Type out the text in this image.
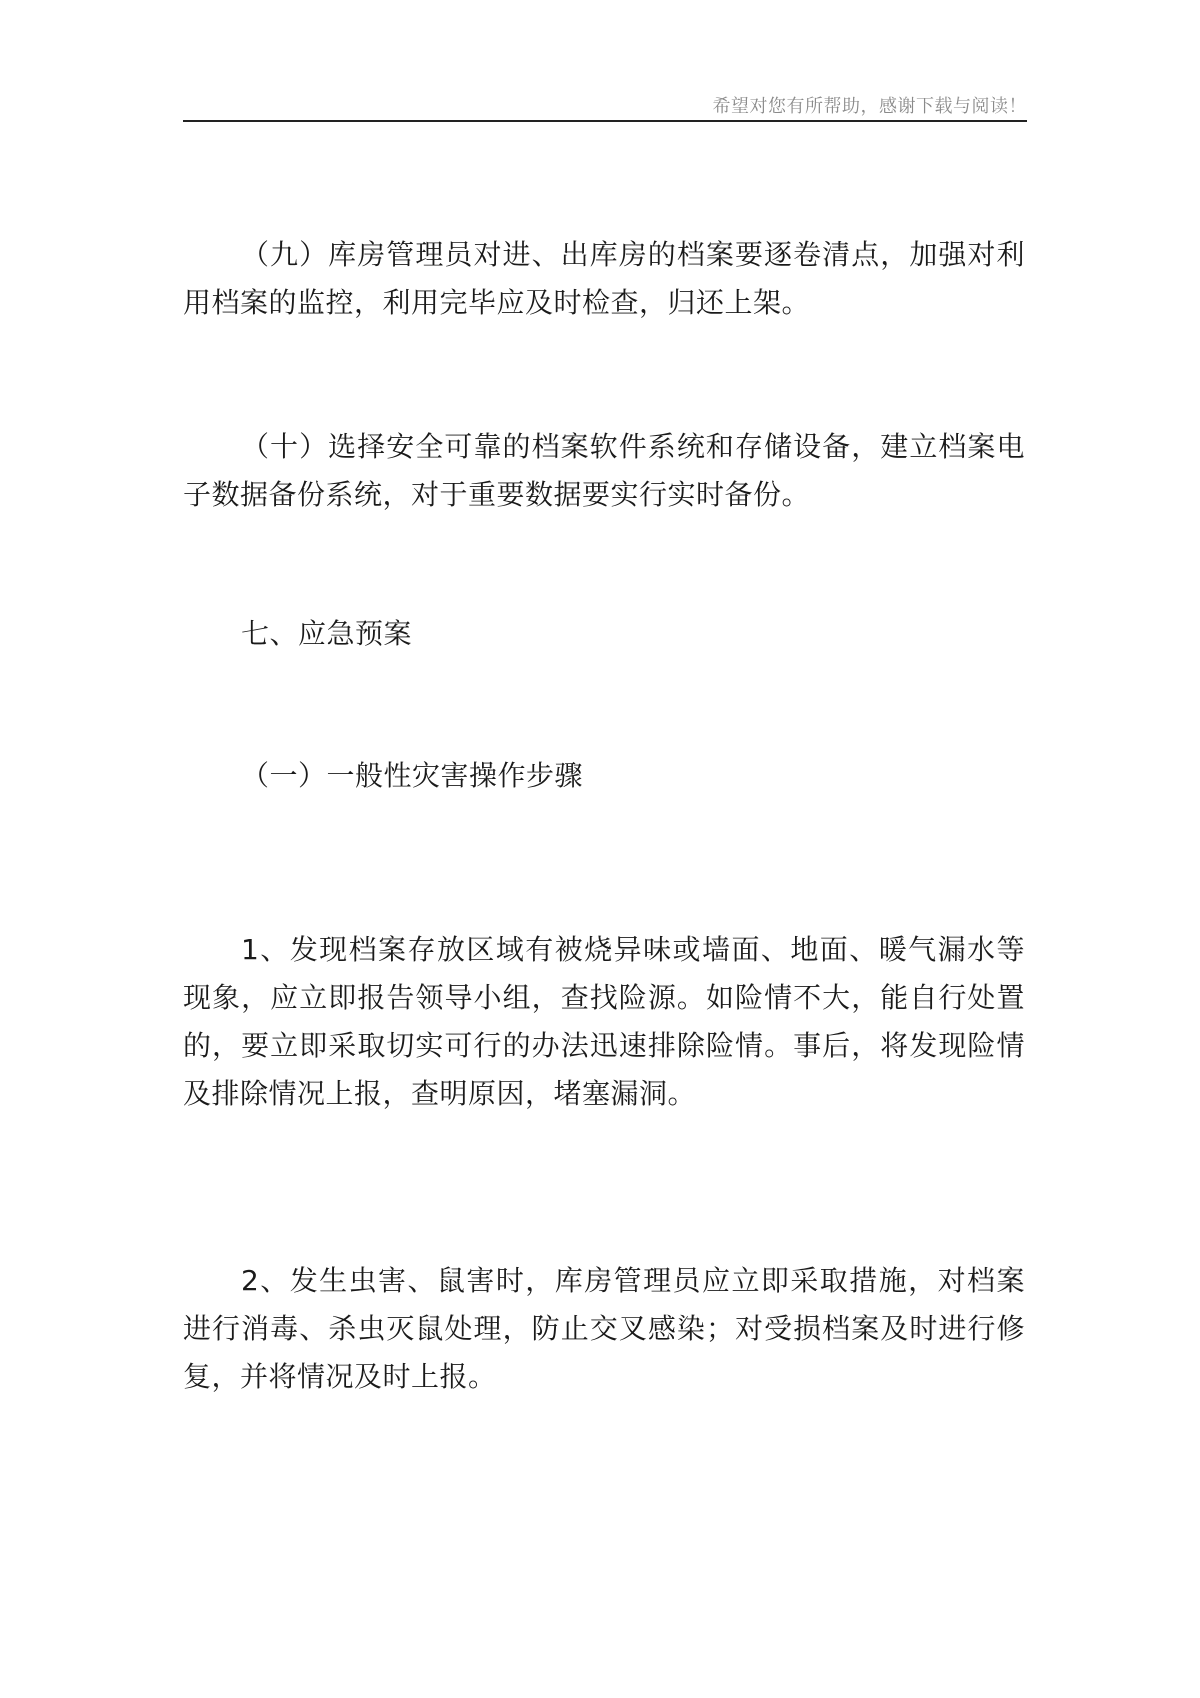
希望对您有所帮助，感谢下载与阅读！

（九）库房管理员对进、出库房的档案要逐卷清点，加强对利用档案的监控，利用完毕应及时检查，归还上架。

（十）选择安全可靠的档案软件系统和存储设备，建立档案电子数据备份系统，对于重要数据要实行实时备份。

七、应急预案
（一）一般性灾害操作步骤

1、发现档案存放区域有被烧异味或墙面、地面、暖气漏水等现象，应立即报告领导小组，查找险源。如险情不大，能自行处置的，要立即采取切实可行的办法迅速排除险情。事后，将发现险情及排除情况上报，查明原因，堵塞漏洞。

2、发生虫害、鼠害时，库房管理员应立即采取措施，对档案进行消毒、杀虫灭鼠处理，防止交叉感染；对受损档案及时进行修复，并将情况及时上报。
